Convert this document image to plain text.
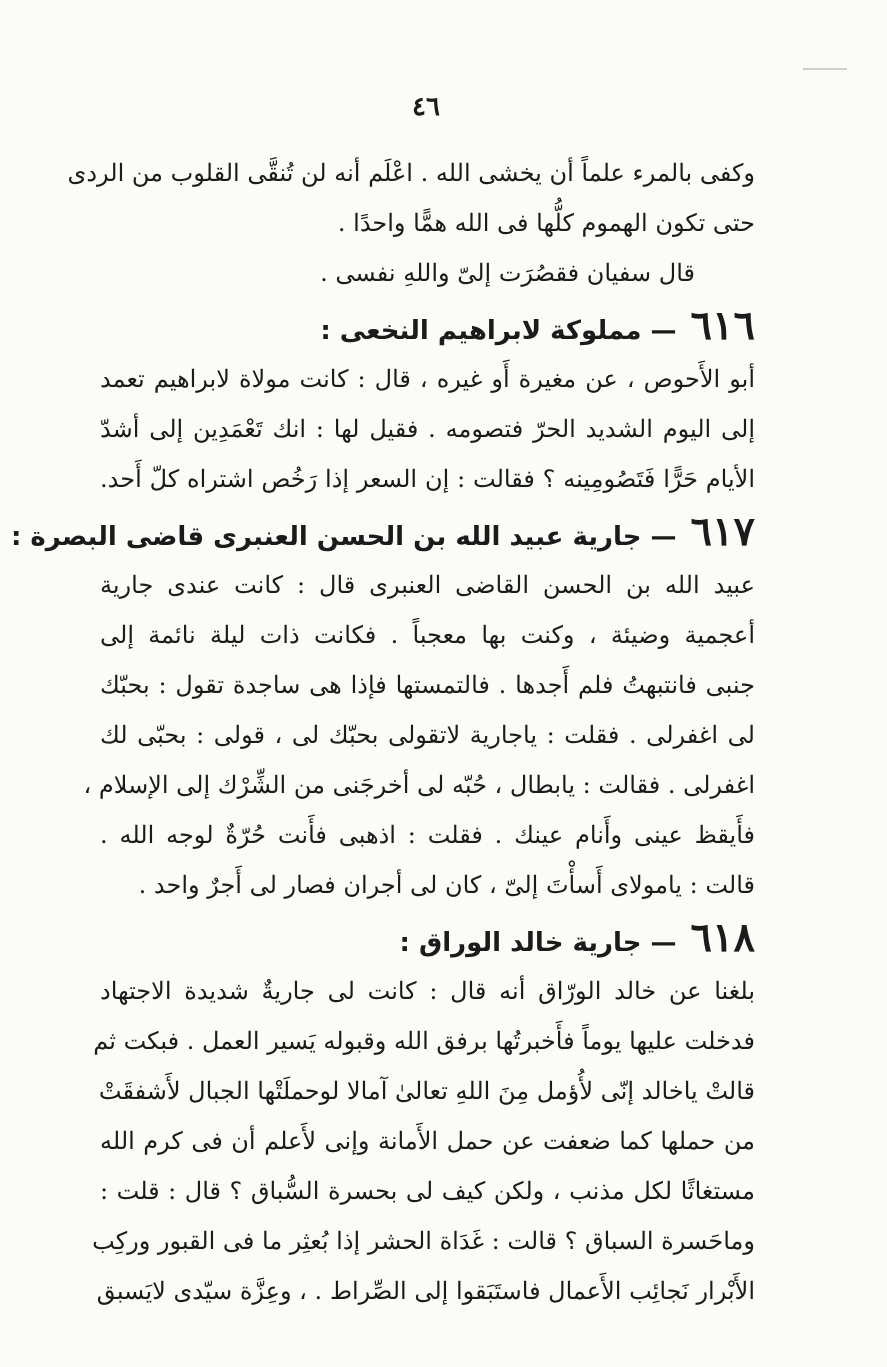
٤٦
وكفى بالمرء علماً أن يخشى الله . اعْلَم أنه لن تُنقَّى القلوب من الردى
حتى تكون الهموم كلُّها فى الله همًّا واحدًا .
قال سفيان فقصُرَت إلىّ واللهِ نفسى .
٦١٦
— مملوكة لابراهيم النخعى :
أبو الأَحوص ، عن مغيرة أَو غيره ، قال : كانت مولاة لابراهيم تعمد
إلى اليوم الشديد الحرّ فتصومه . فقيل لها : انك تَعْمَدِين إلى أشدّ
الأيام حَرًّا فَتَصُومِينه ؟ فقالت : إن السعر إذا رَخُص اشتراه كلّ أَحد.
٦١٧
— جارية عبيد الله بن الحسن العنبرى قاضى البصرة :
عبيد الله بن الحسن القاضى العنبرى قال : كانت عندى جارية
أعجمية وضيئة ، وكنت بها معجباً . فكانت ذات ليلة نائمة إلى
جنبى فانتبهتُ فلم أَجدها . فالتمستها فإذا هى ساجدة تقول : بحبّك
لى اغفرلى . فقلت : ياجارية لاتقولى بحبّك لى ، قولى : بحبّى لك
اغفرلى . فقالت : يابطال ، حُبّه لى أخرجَنى من الشِّرْك إلى الإسلام ،
فأَيقظ عينى وأَنام عينك . فقلت : اذهبى فأَنت حُرّةٌ لوجه الله .
قالت : يامولاى أَسأْتَ إلىّ ، كان لى أجران فصار لى أَجرٌ واحد .
٦١٨
— جارية خالد الوراق :
بلغنا عن خالد الورّاق أنه قال : كانت لى جاريةٌ شديدة الاجتهاد
فدخلت عليها يوماً فأَخبرتُها برفق الله وقبوله يَسير العمل . فبكت ثم
قالتْ ياخالد إنّى لأُؤمل مِنَ اللهِ تعالىٰ آمالا لوحملَتْها الجبال لأَشفقَتْ
من حملها كما ضعفت عن حمل الأَمانة وإنى لأَعلم أن فى كرم الله
مستغاثًا لكل مذنب ، ولكن كيف لى بحسرة السُّباق ؟ قال : قلت :
وماحَسرة السباق ؟ قالت : غَدَاة الحشر إذا بُعثِر ما فى القبور وركِب
الأَبْرار نَجائِب الأَعمال فاستَبَقوا إلى الصِّراط . ، وعِزَّة سيّدى لايَسبق
